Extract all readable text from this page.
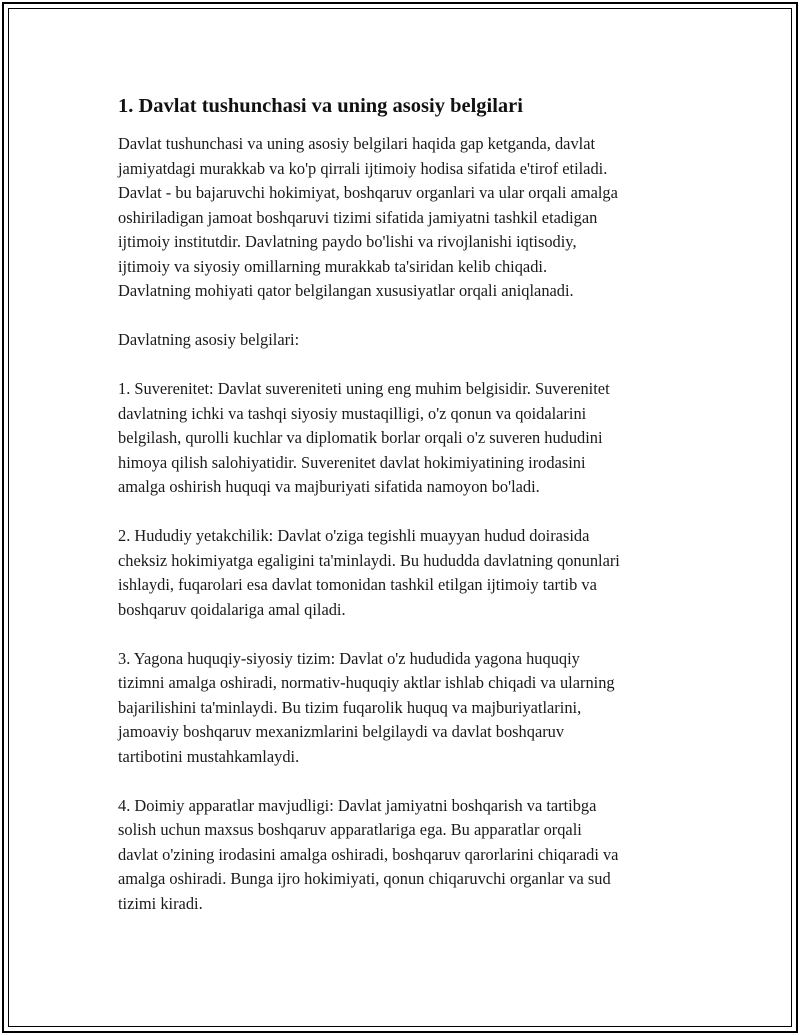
1. Davlat tushunchasi va uning asosiy belgilari

Davlat tushunchasi va uning asosiy belgilari haqida gap ketganda, davlat
jamiyatdagi murakkab va ko'p qirrali ijtimoiy hodisa sifatida e'tirof etiladi.
Davlat - bu bajaruvchi hokimiyat, boshqaruv organlari va ular orqali amalga
oshiriladigan jamoat boshqaruvi tizimi sifatida jamiyatni tashkil etadigan
ijtimoiy institutdir. Davlatning paydo bo'lishi va rivojlanishi iqtisodiy,
ijtimoiy va siyosiy omillarning murakkab ta'siridan kelib chiqadi.
Davlatning mohiyati qator belgilangan xususiyatlar orqali aniqlanadi.

Davlatning asosiy belgilari:

1. Suverenitet: Davlat suvereniteti uning eng muhim belgisidir. Suverenitet
davlatning ichki va tashqi siyosiy mustaqilligi, o'z qonun va qoidalarini
belgilash, qurolli kuchlar va diplomatik borlar orqali o'z suveren hududini
himoya qilish salohiyatidir. Suverenitet davlat hokimiyatining irodasini
amalga oshirish huquqi va majburiyati sifatida namoyon bo'ladi.

2. Hududiy yetakchilik: Davlat o'ziga tegishli muayyan hudud doirasida
cheksiz hokimiyatga egaligini ta'minlaydi. Bu hududda davlatning qonunlari
ishlaydi, fuqarolari esa davlat tomonidan tashkil etilgan ijtimoiy tartib va
boshqaruv qoidalariga amal qiladi.

3. Yagona huquqiy-siyosiy tizim: Davlat o'z hududida yagona huquqiy
tizimni amalga oshiradi, normativ-huquqiy aktlar ishlab chiqadi va ularning
bajarilishini ta'minlaydi. Bu tizim fuqarolik huquq va majburiyatlarini,
jamoaviy boshqaruv mexanizmlarini belgilaydi va davlat boshqaruv
tartibotini mustahkamlaydi.

4. Doimiy apparatlar mavjudligi: Davlat jamiyatni boshqarish va tartibga
solish uchun maxsus boshqaruv apparatlariga ega. Bu apparatlar orqali
davlat o'zining irodasini amalga oshiradi, boshqaruv qarorlarini chiqaradi va
amalga oshiradi. Bunga ijro hokimiyati, qonun chiqaruvchi organlar va sud
tizimi kiradi.
